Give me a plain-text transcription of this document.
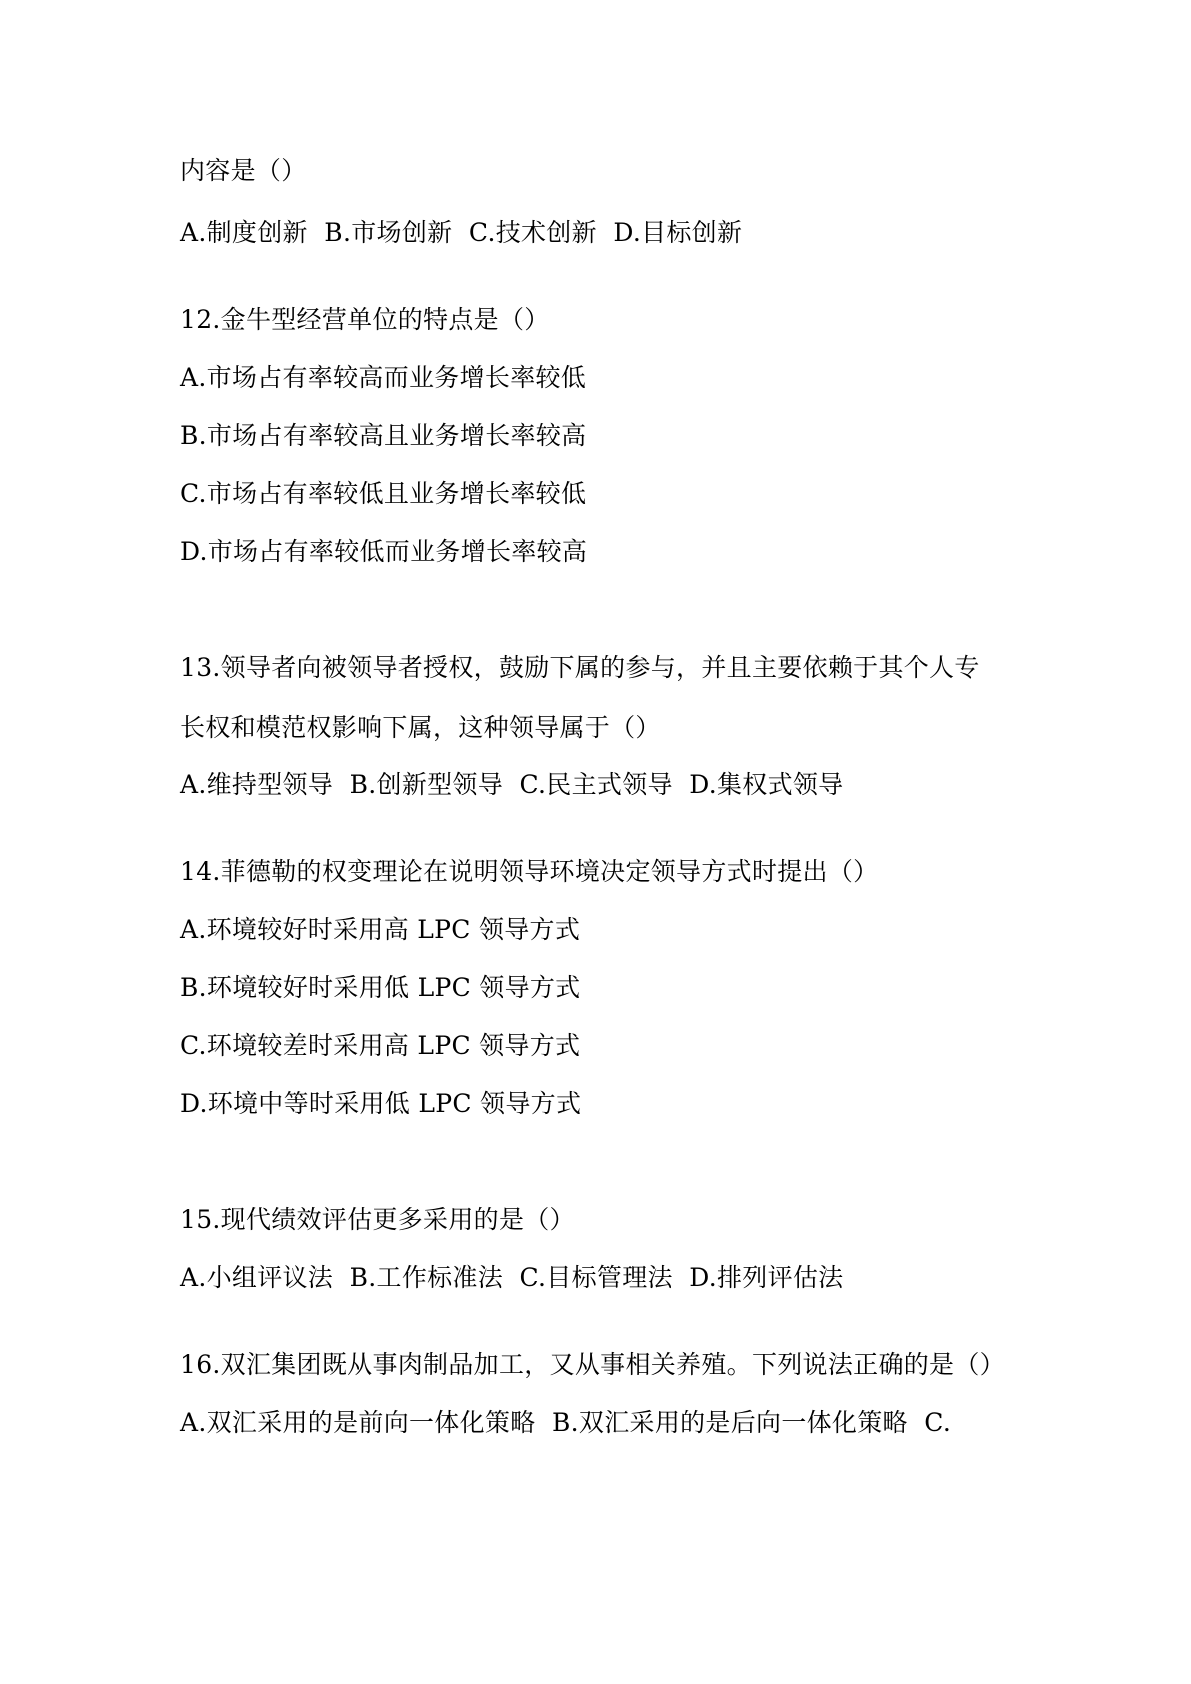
内容是（）
A.制度创新  B.市场创新  C.技术创新  D.目标创新
12.金牛型经营单位的特点是（）
A.市场占有率较高而业务增长率较低
B.市场占有率较高且业务增长率较高
C.市场占有率较低且业务增长率较低
D.市场占有率较低而业务增长率较高
13.领导者向被领导者授权，鼓励下属的参与，并且主要依赖于其个人专
长权和模范权影响下属，这种领导属于（）
A.维持型领导  B.创新型领导  C.民主式领导  D.集权式领导
14.菲德勒的权变理论在说明领导环境决定领导方式时提出（）
A.环境较好时采用高 LPC 领导方式
B.环境较好时采用低 LPC 领导方式
C.环境较差时采用高 LPC 领导方式
D.环境中等时采用低 LPC 领导方式
15.现代绩效评估更多采用的是（）
A.小组评议法  B.工作标准法  C.目标管理法  D.排列评估法
16.双汇集团既从事肉制品加工，又从事相关养殖。下列说法正确的是（）
A.双汇采用的是前向一体化策略  B.双汇采用的是后向一体化策略  C.
